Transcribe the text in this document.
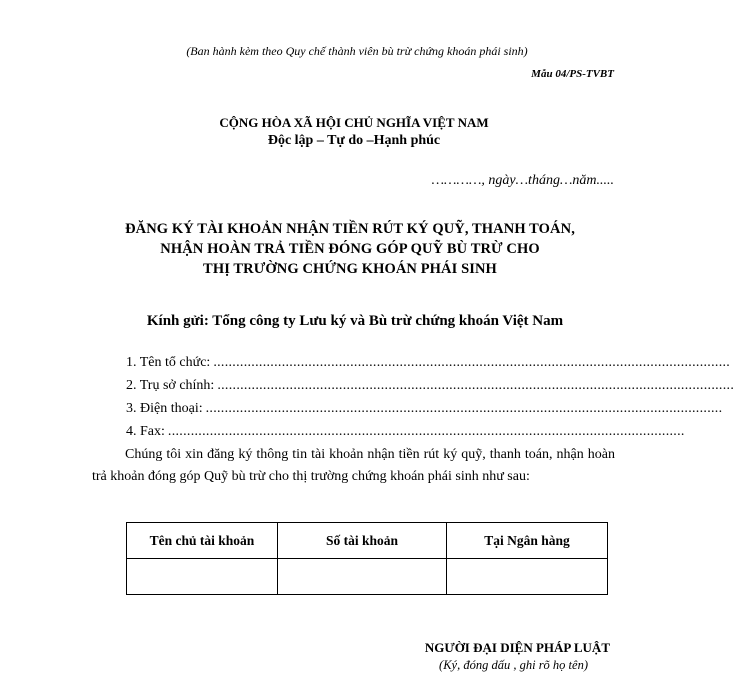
(Ban hành kèm theo Quy chế thành viên bù trừ chứng khoán phái sinh)
Mẫu 04/PS-TVBT
CỘNG HÒA XÃ HỘI CHỦ NGHĨA VIỆT NAM
Độc lập – Tự do –Hạnh phúc
…………, ngày…tháng…năm.....
ĐĂNG KÝ TÀI KHOẢN NHẬN TIỀN RÚT KÝ QUỸ, THANH TOÁN,
NHẬN HOÀN TRẢ TIỀN ĐÓNG GÓP QUỸ BÙ TRỪ CHO
THỊ TRƯỜNG CHỨNG KHOÁN PHÁI SINH
Kính gửi: Tổng công ty Lưu ký và Bù trừ chứng khoán Việt Nam
1. Tên tổ chức: ........................................................................................................................................
2. Trụ sở chính: ........................................................................................................................................
3. Điện thoại: ........................................................................................................................................
4. Fax: ........................................................................................................................................
Chúng tôi xin đăng ký thông tin tài khoản nhận tiền rút ký quỹ, thanh toán, nhận hoàn trả khoản đóng góp Quỹ bù trừ cho thị trường chứng khoán phái sinh như sau:
Tên chủ tài khoản	Số tài khoản	Tại Ngân hàng

NGƯỜI ĐẠI DIỆN PHÁP LUẬT
(Ký, đóng dấu , ghi rõ họ tên)
